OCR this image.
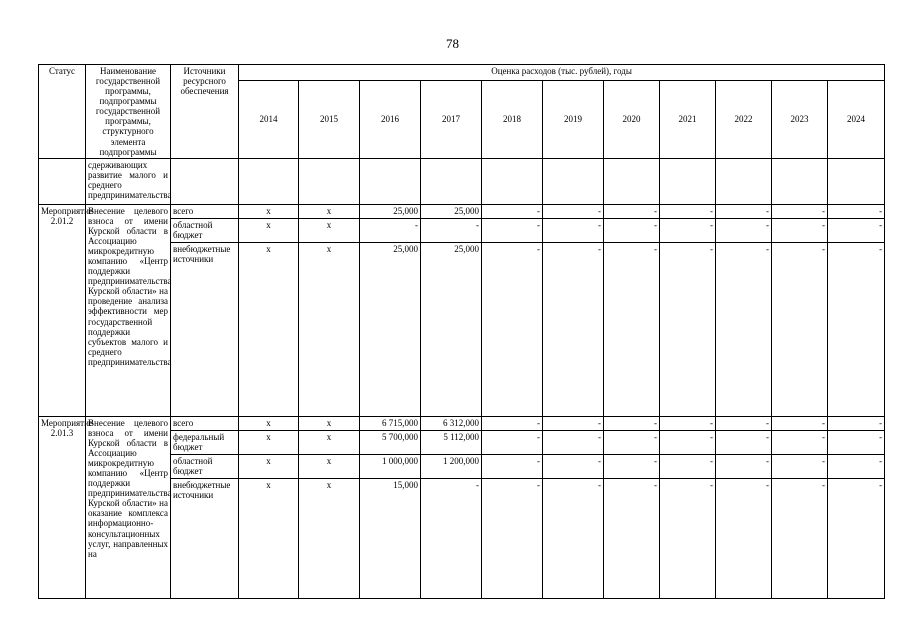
78
Статус	Наименование государственной программы, подпрограммы государственной программы, структурного элемента подпрограммы	Источники ресурсного обеспечения	Оценка расходов (тыс. рублей), годы										
			2014	2015	2016	2017	2018	2019	2020	2021	2022	2023	2024
	сдерживающих развитие малого и среднего предпринимательства												
Мероприятие 2.01.2	Внесение целевого взноса от имени Курской области в Ассоциацию микрокредитную компанию «Центр поддержки предпринимательства Курской области» на проведение анализа эффективности мер государственной поддержки субъектов малого и среднего предпринимательства	всего	х	х	25,000	25,000	-	-	-	-	-	-	-
		областной бюджет	х	х	-	-	-	-	-	-	-	-	-
		внебюджетные источники	х	х	25,000	25,000	-	-	-	-	-	-	-
Мероприятие 2.01.3	Внесение целевого взноса от имени Курской области в Ассоциацию микрокредитную компанию «Центр поддержки предпринимательства Курской области» на оказание комплекса информационно-консультационных услуг, направленных на	всего	х	х	6 715,000	6 312,000	-	-	-	-	-	-	-
		федеральный бюджет	х	х	5 700,000	5 112,000	-	-	-	-	-	-	-
		областной бюджет	х	х	1 000,000	1 200,000	-	-	-	-	-	-	-
		внебюджетные источники	х	х	15,000	-	-	-	-	-	-	-	-
